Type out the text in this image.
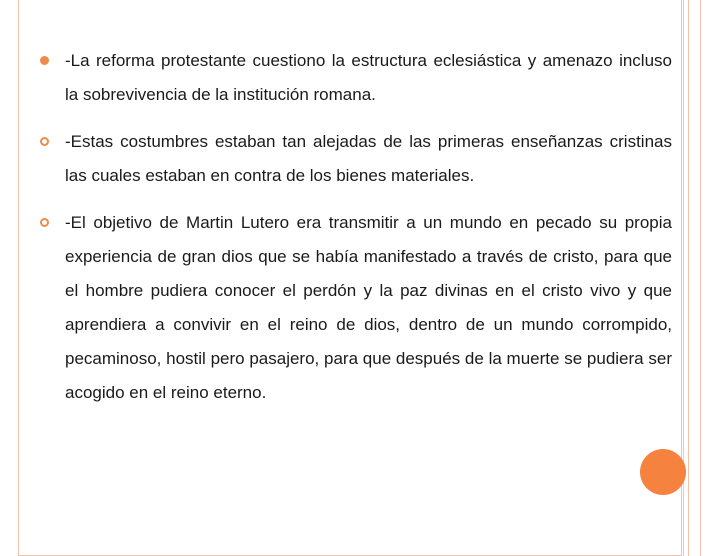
-La reforma protestante cuestiono la estructura eclesiástica y amenazo incluso la sobrevivencia de la institución romana.
-Estas costumbres estaban tan alejadas de las primeras enseñanzas cristinas las cuales estaban en contra de los bienes materiales.
-El objetivo de Martin Lutero era transmitir a un mundo en pecado su propia experiencia de gran dios que se había manifestado a través de cristo, para que el hombre pudiera conocer el perdón y la paz divinas en el cristo vivo y que aprendiera a convivir en el reino de dios, dentro de un mundo corrompido, pecaminoso, hostil pero pasajero, para que después de la muerte se pudiera ser acogido en el reino eterno.
